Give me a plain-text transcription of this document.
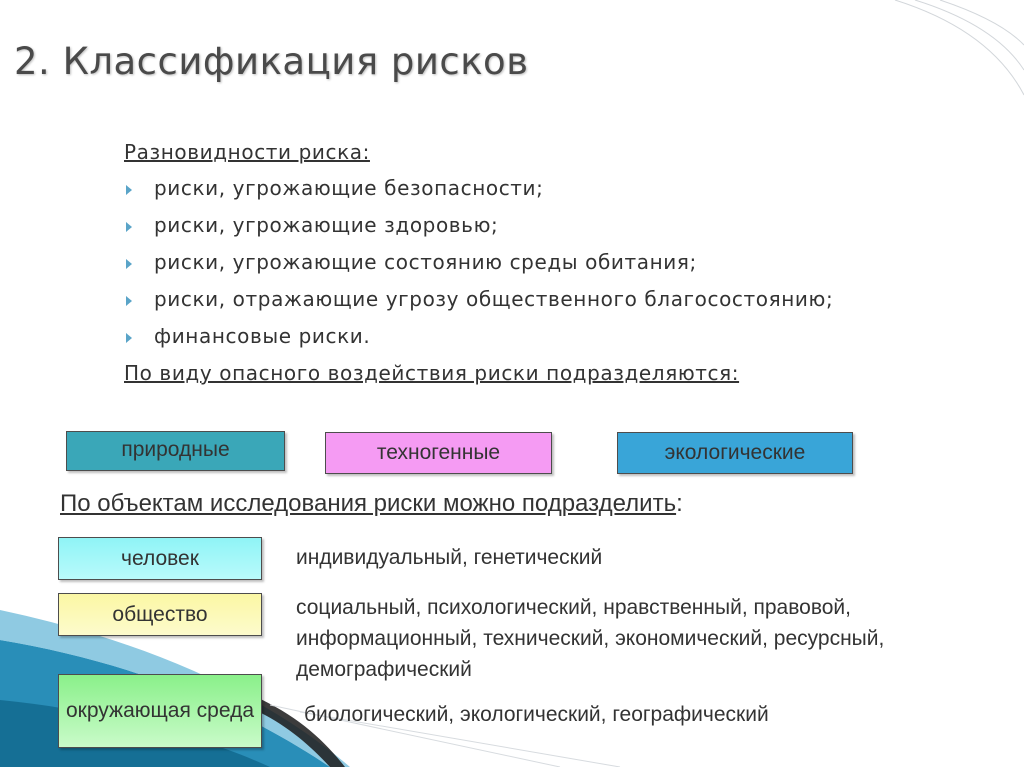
2. Классификация рисков
Разновидности риска:
риски, угрожающие безопасности;
риски, угрожающие здоровью;
риски, угрожающие состоянию среды обитания;
риски, отражающие угрозу общественного благосостоянию;
финансовые риски.
По виду опасного воздействия риски подразделяются:
природные	техногенные	экологические
По объектам исследования риски можно подразделить:
человек	индивидуальный, генетический
общество	социальный, психологический, нравственный, правовой, информационный, технический, экономический, ресурсный, демографический
окружающая среда	биологический, экологический, географический
